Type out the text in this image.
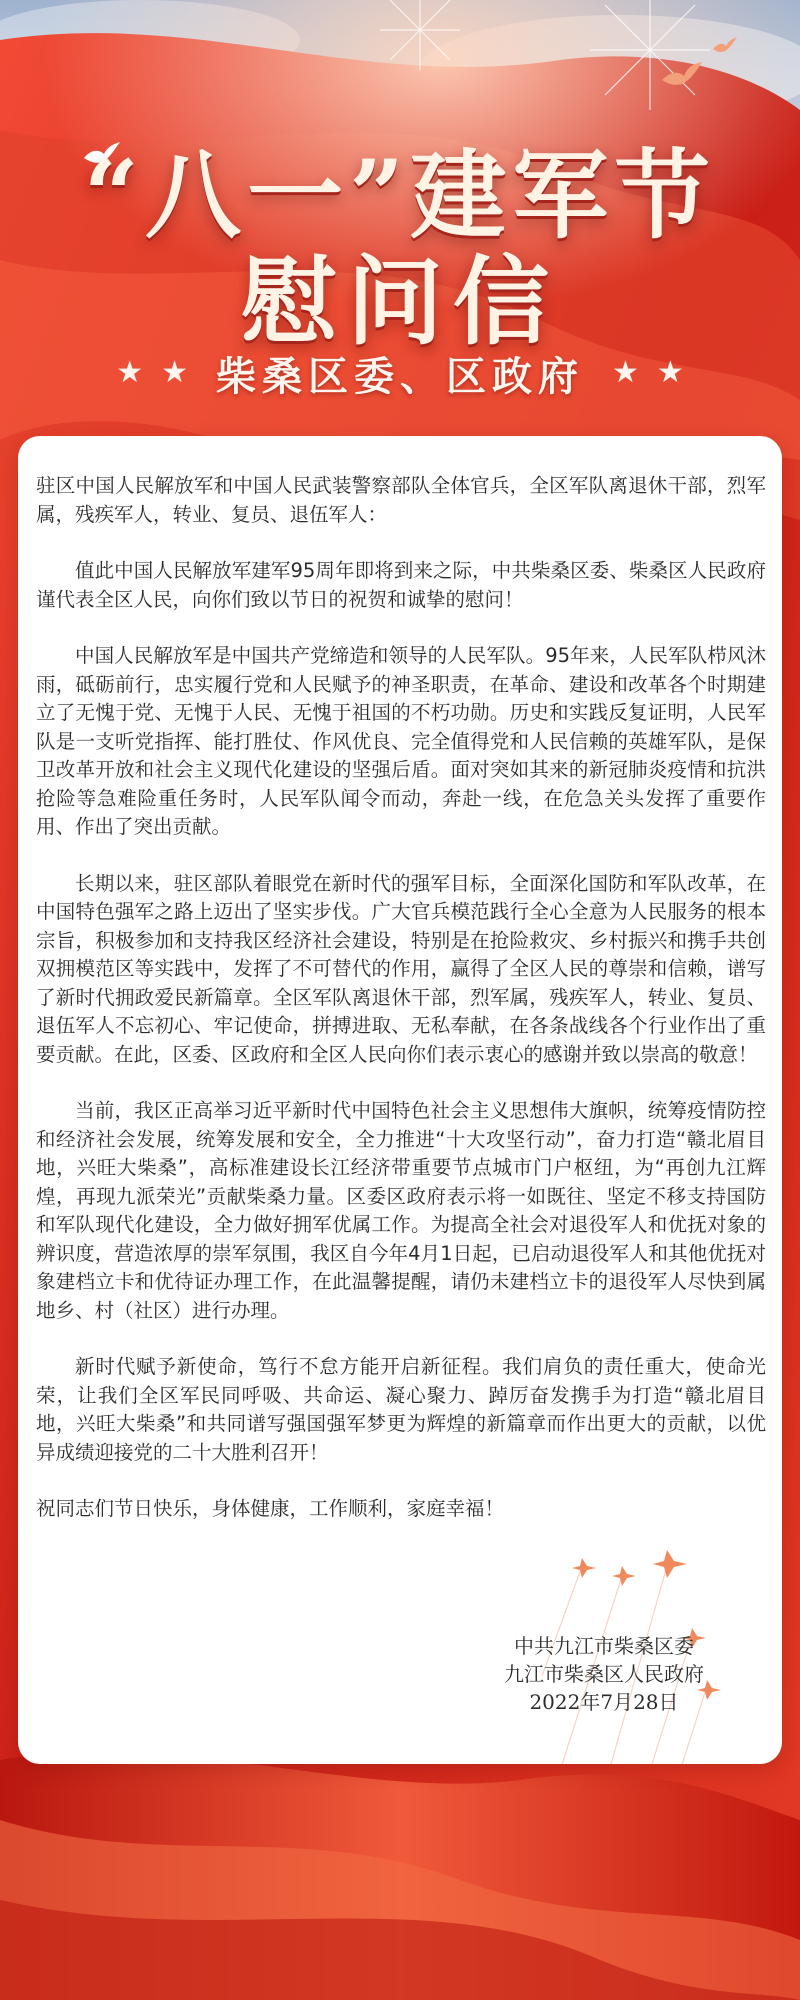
“八一”建军节
慰问信
★ ★ 柴桑区委、区政府 ★ ★

驻区中国人民解放军和中国人民武装警察部队全体官兵，全区军队离退休干部，烈军属，残疾军人，转业、复员、退伍军人：

值此中国人民解放军建军95周年即将到来之际，中共柴桑区委、柴桑区人民政府谨代表全区人民，向你们致以节日的祝贺和诚挚的慰问！

中国人民解放军是中国共产党缔造和领导的人民军队。95年来，人民军队栉风沐雨，砥砺前行，忠实履行党和人民赋予的神圣职责，在革命、建设和改革各个时期建立了无愧于党、无愧于人民、无愧于祖国的不朽功勋。历史和实践反复证明，人民军队是一支听党指挥、能打胜仗、作风优良、完全值得党和人民信赖的英雄军队，是保卫改革开放和社会主义现代化建设的坚强后盾。面对突如其来的新冠肺炎疫情和抗洪抢险等急难险重任务时，人民军队闻令而动，奔赴一线，在危急关头发挥了重要作用、作出了突出贡献。

长期以来，驻区部队着眼党在新时代的强军目标，全面深化国防和军队改革，在中国特色强军之路上迈出了坚实步伐。广大官兵模范践行全心全意为人民服务的根本宗旨，积极参加和支持我区经济社会建设，特别是在抢险救灾、乡村振兴和携手共创双拥模范区等实践中，发挥了不可替代的作用，赢得了全区人民的尊崇和信赖，谱写了新时代拥政爱民新篇章。全区军队离退休干部，烈军属，残疾军人，转业、复员、退伍军人不忘初心、牢记使命，拼搏进取、无私奉献，在各条战线各个行业作出了重要贡献。在此，区委、区政府和全区人民向你们表示衷心的感谢并致以崇高的敬意！

当前，我区正高举习近平新时代中国特色社会主义思想伟大旗帜，统筹疫情防控和经济社会发展，统筹发展和安全，全力推进“十大攻坚行动”，奋力打造“赣北眉目地，兴旺大柴桑”，高标准建设长江经济带重要节点城市门户枢纽，为“再创九江辉煌，再现九派荣光”贡献柴桑力量。区委区政府表示将一如既往、坚定不移支持国防和军队现代化建设，全力做好拥军优属工作。为提高全社会对退役军人和优抚对象的辨识度，营造浓厚的崇军氛围，我区自今年4月1日起，已启动退役军人和其他优抚对象建档立卡和优待证办理工作，在此温馨提醒，请仍未建档立卡的退役军人尽快到属地乡、村（社区）进行办理。

新时代赋予新使命，笃行不怠方能开启新征程。我们肩负的责任重大，使命光荣，让我们全区军民同呼吸、共命运、凝心聚力、踔厉奋发携手为打造“赣北眉目地，兴旺大柴桑”和共同谱写强国强军梦更为辉煌的新篇章而作出更大的贡献，以优异成绩迎接党的二十大胜利召开！

祝同志们节日快乐，身体健康，工作顺利，家庭幸福！

中共九江市柴桑区委
九江市柴桑区人民政府
2022年7月28日
